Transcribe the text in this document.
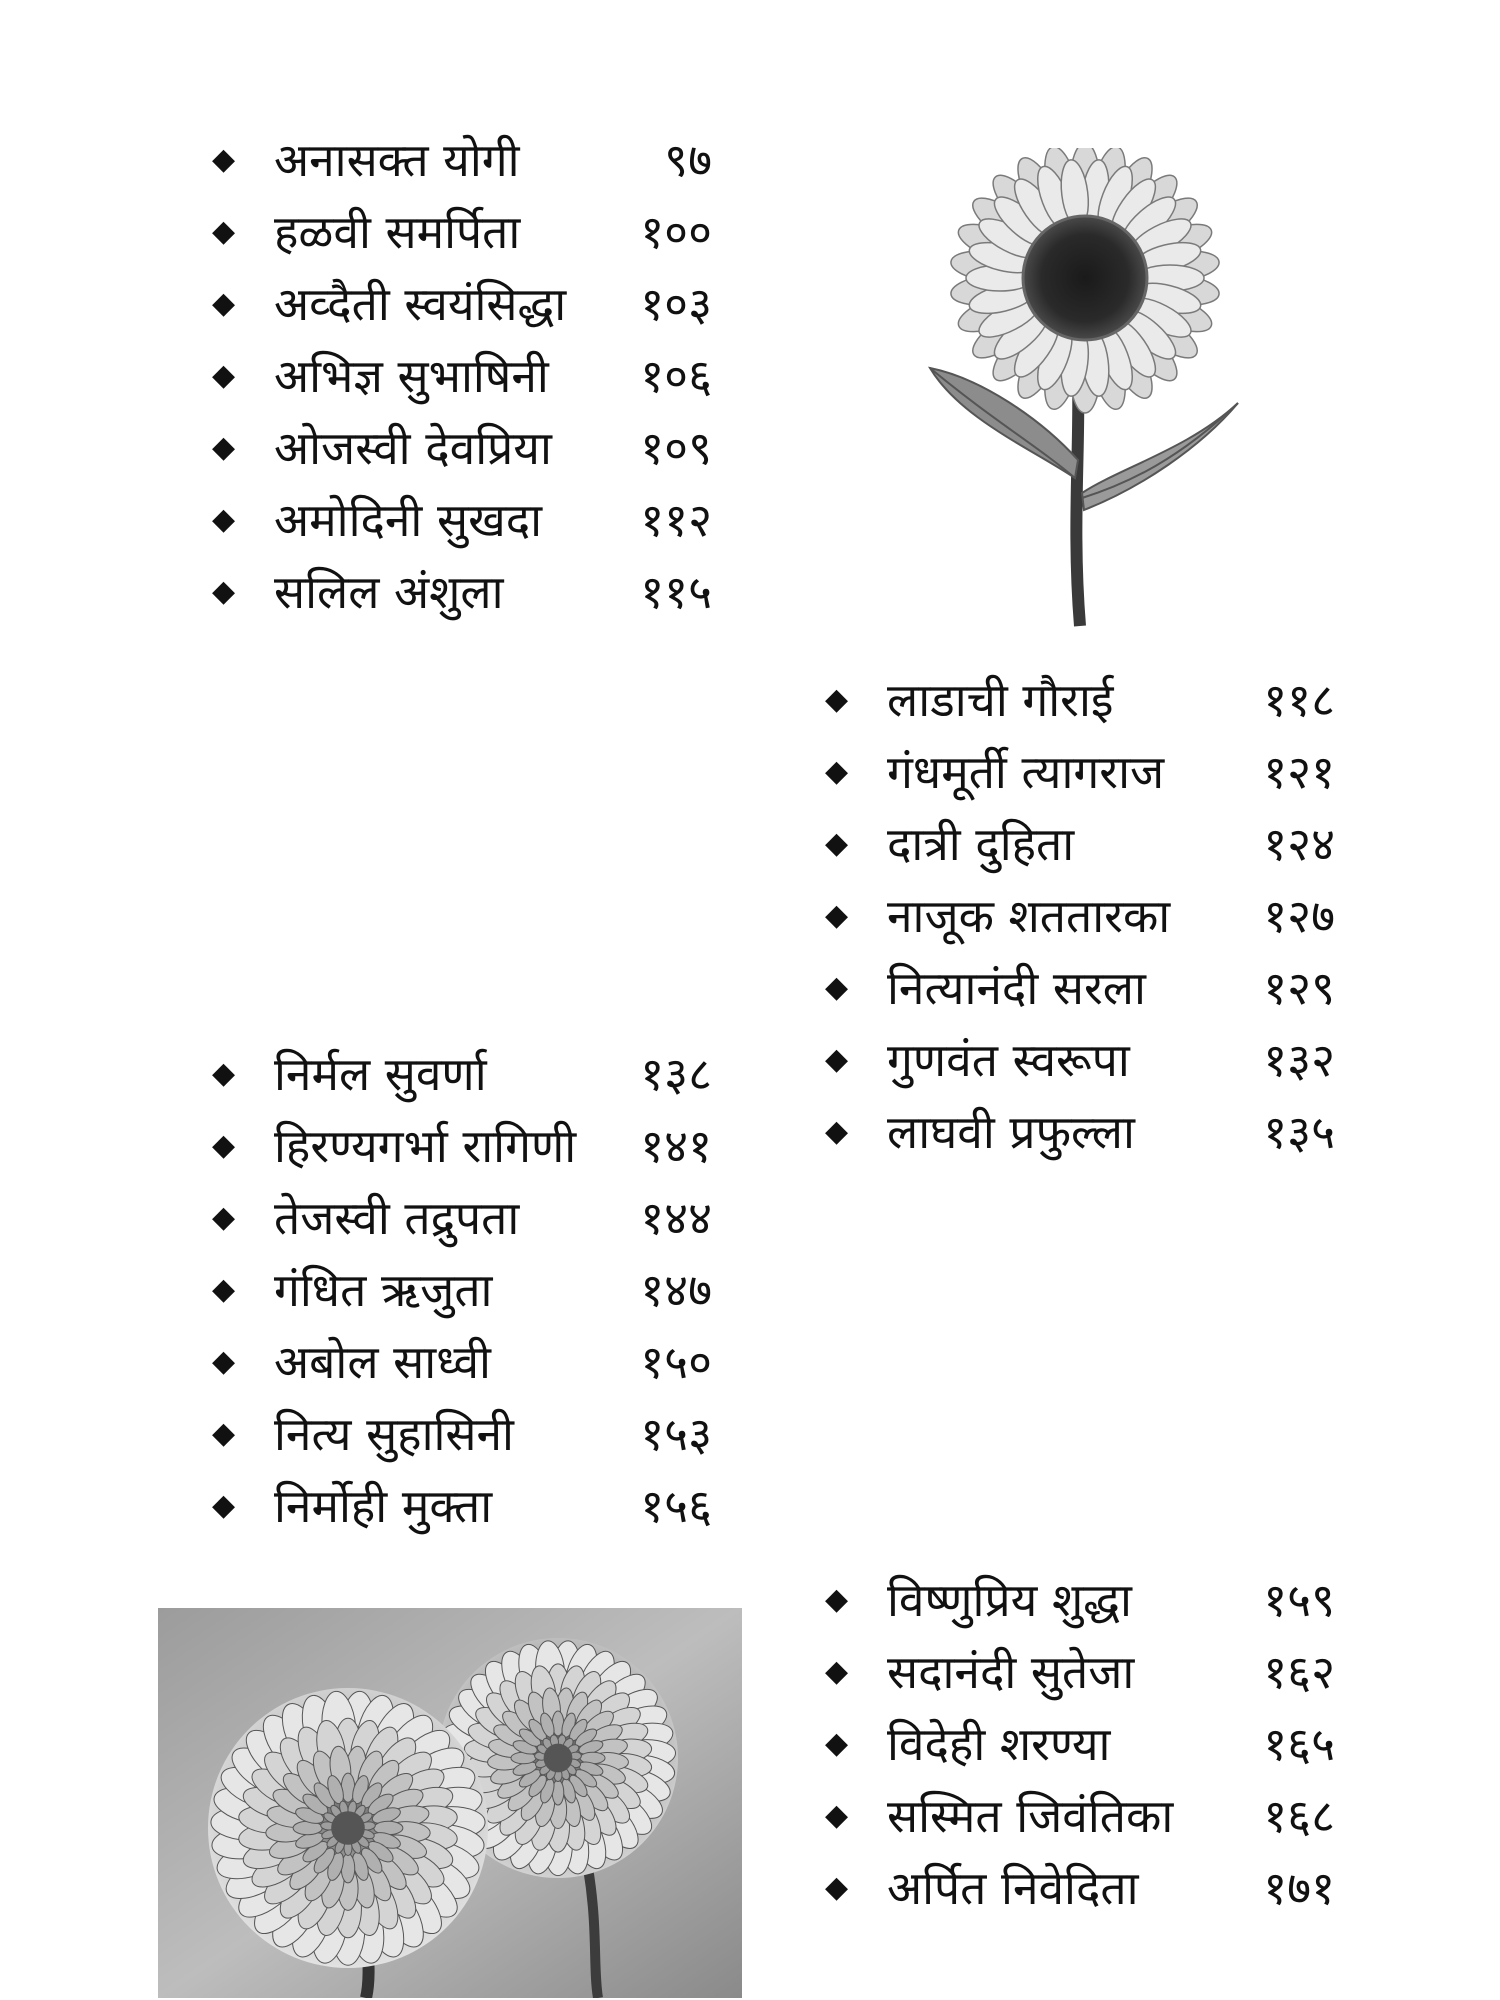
◆ अनासक्त योगी	९७
◆ हळवी समर्पिता	१००
◆ अव्दैती स्वयंसिद्धा १०३
◆ अभिज्ञ सुभाषिनी १०६
◆ ओजस्वी देवप्रिया १०९
◆ अमोदिनी सुखदा ११२
◆ सलिल अंशुला	११५
◆ लाडाची गौराई	११८
◆ गंधमूर्ती त्यागराज १२१
◆ दात्री दुहिता	१२४
◆ नाजूक शततारका १२७
◆ नित्यानंदी सरला	१२९
◆ गुणवंत स्वरूपा	१३२
◆ लाघवी प्रफुल्ला	१३५
◆ निर्मल सुवर्णा	१३८
◆ हिरण्यगर्भा रागिणी १४१
◆ तेजस्वी तद्रुपता	१४४
◆ गंधित ऋजुता	१४७
◆ अबोल साध्वी	१५०
◆ नित्य सुहासिनी	१५३
◆ निर्मोही मुक्ता	१५६
◆ विष्णुप्रिय शुद्धा	१५९
◆ सदानंदी सुतेजा	१६२
◆ विदेही शरण्या	१६५
◆ सस्मित जिवंतिका १६८
◆ अर्पित निवेदिता	१७१
